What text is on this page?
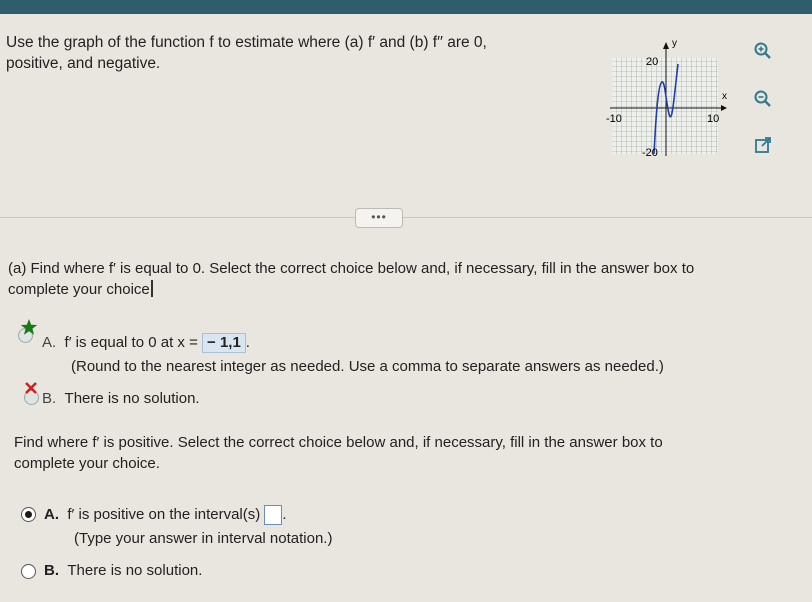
Use the graph of the function f to estimate where (a) f′ and (b) f′′ are 0,
positive, and negative.
y
x
20
-20
-10	10
•••
(a) Find where f′ is equal to 0. Select the correct choice below and, if necessary, fill in the answer box to
complete your choice
A. f′ is equal to 0 at x = − 1,1 .
(Round to the nearest integer as needed. Use a comma to separate answers as needed.)
B. There is no solution.
Find where f′ is positive. Select the correct choice below and, if necessary, fill in the answer box to
complete your choice.
A. f′ is positive on the interval(s) .
(Type your answer in interval notation.)
B. There is no solution.
